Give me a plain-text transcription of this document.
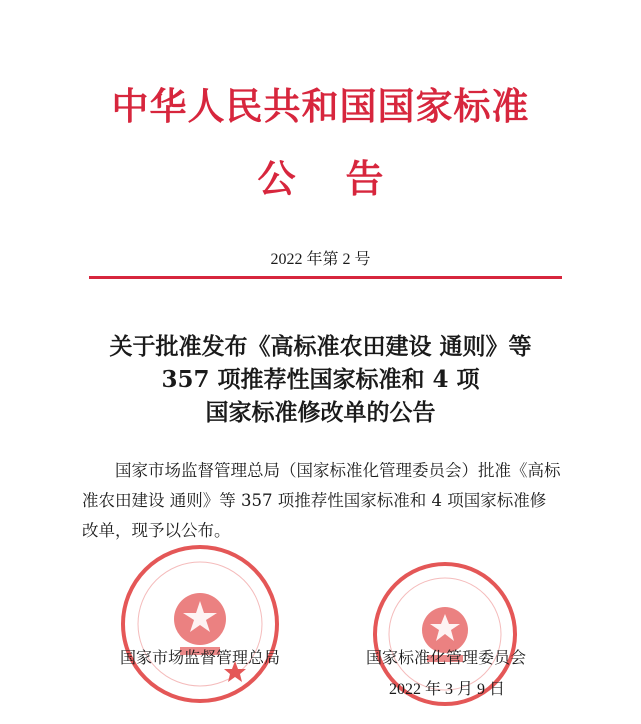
中华人民共和国国家标准
公告
2022 年第 2 号
关于批准发布《高标准农田建设 通则》等
357 项推荐性国家标准和 4 项
国家标准修改单的公告
国家市场监督管理总局（国家标准化管理委员会）批准《高标准农田建设 通则》等 357 项推荐性国家标准和 4 项国家标准修改单，现予以公布。
国家市场监督管理总局	国家标准化管理委员会
2022 年 3 月 9 日
